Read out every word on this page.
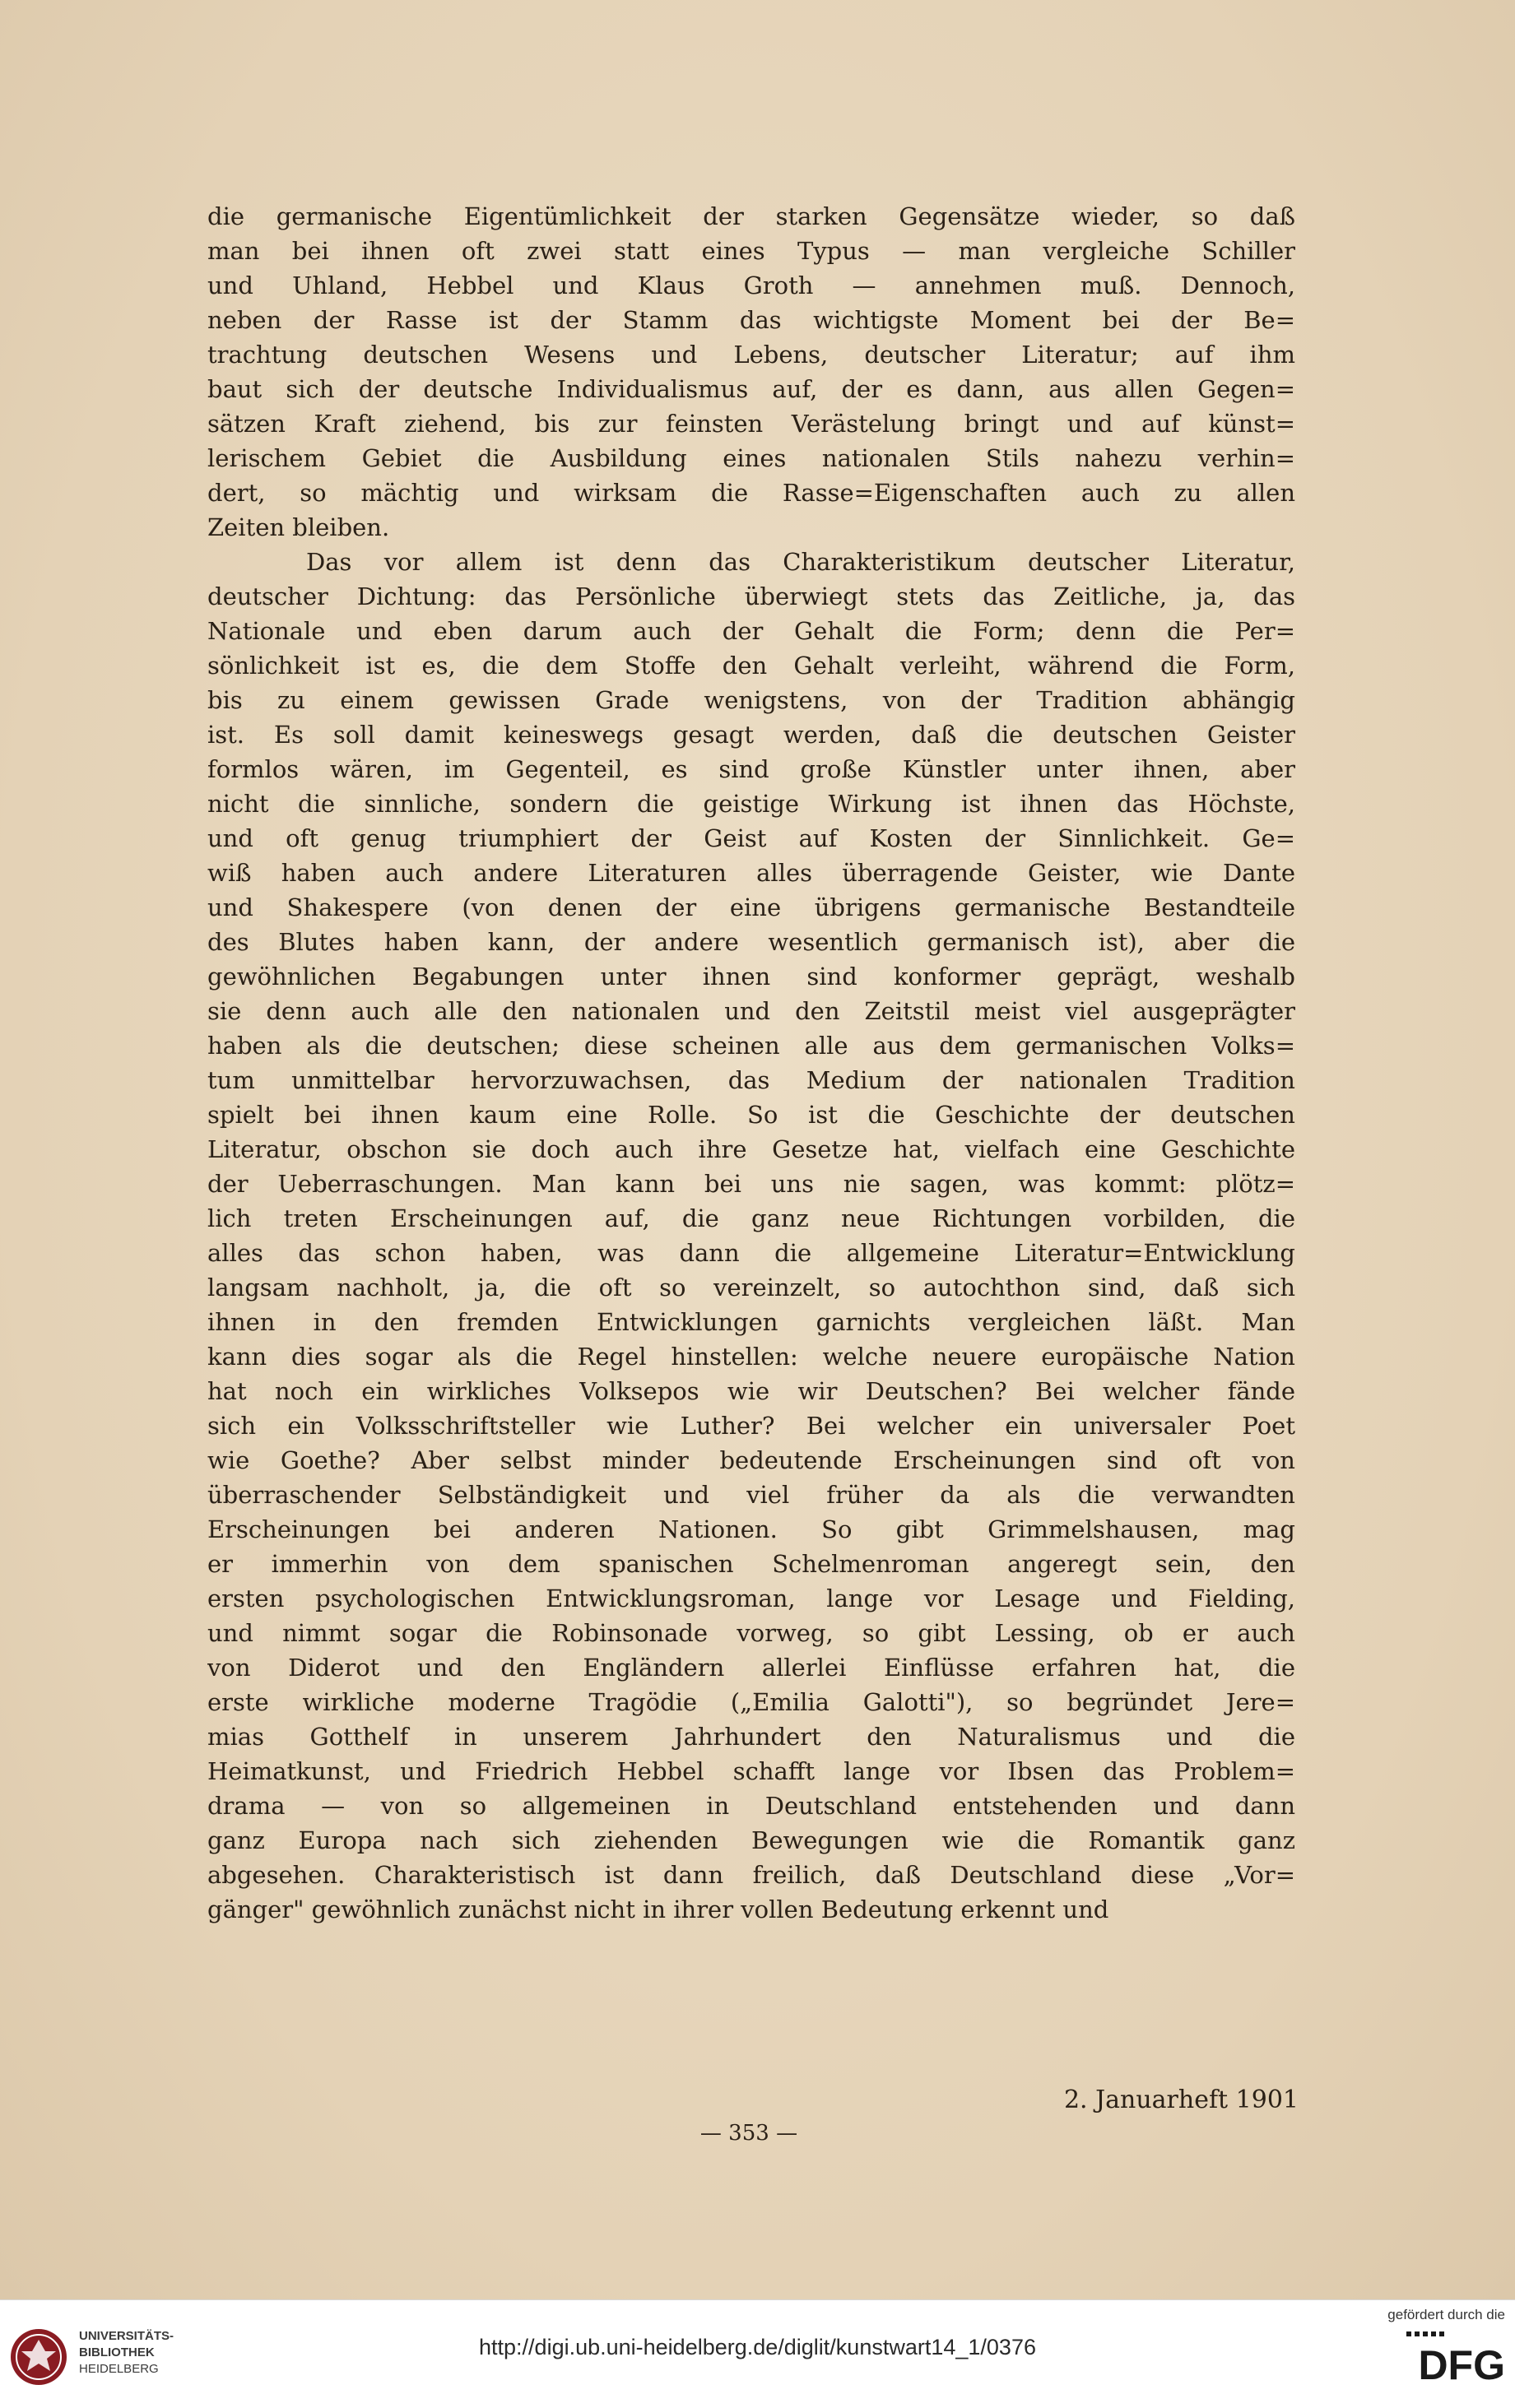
die germanische Eigentümlichkeit der starken Gegensätze wieder, so daß
man bei ihnen oft zwei statt eines Typus — man vergleiche Schiller
und Uhland, Hebbel und Klaus Groth — annehmen muß. Dennoch,
neben der Rasse ist der Stamm das wichtigste Moment bei der Be=
trachtung deutschen Wesens und Lebens, deutscher Literatur; auf ihm
baut sich der deutsche Individualismus auf, der es dann, aus allen Gegen=
sätzen Kraft ziehend, bis zur feinsten Verästelung bringt und auf künst=
lerischem Gebiet die Ausbildung eines nationalen Stils nahezu verhin=
dert, so mächtig und wirksam die Rasse=Eigenschaften auch zu allen
Zeiten bleiben.
Das vor allem ist denn das Charakteristikum deutscher Literatur,
deutscher Dichtung: das Persönliche überwiegt stets das Zeitliche, ja, das
Nationale und eben darum auch der Gehalt die Form; denn die Per=
sönlichkeit ist es, die dem Stoffe den Gehalt verleiht, während die Form,
bis zu einem gewissen Grade wenigstens, von der Tradition abhängig
ist. Es soll damit keineswegs gesagt werden, daß die deutschen Geister
formlos wären, im Gegenteil, es sind große Künstler unter ihnen, aber
nicht die sinnliche, sondern die geistige Wirkung ist ihnen das Höchste,
und oft genug triumphiert der Geist auf Kosten der Sinnlichkeit. Ge=
wiß haben auch andere Literaturen alles überragende Geister, wie Dante
und Shakespere (von denen der eine übrigens germanische Bestandteile
des Blutes haben kann, der andere wesentlich germanisch ist), aber die
gewöhnlichen Begabungen unter ihnen sind konformer geprägt, weshalb
sie denn auch alle den nationalen und den Zeitstil meist viel ausgeprägter
haben als die deutschen; diese scheinen alle aus dem germanischen Volks=
tum unmittelbar hervorzuwachsen, das Medium der nationalen Tradition
spielt bei ihnen kaum eine Rolle. So ist die Geschichte der deutschen
Literatur, obschon sie doch auch ihre Gesetze hat, vielfach eine Geschichte
der Ueberraschungen. Man kann bei uns nie sagen, was kommt: plötz=
lich treten Erscheinungen auf, die ganz neue Richtungen vorbilden, die
alles das schon haben, was dann die allgemeine Literatur=Entwicklung
langsam nachholt, ja, die oft so vereinzelt, so autochthon sind, daß sich
ihnen in den fremden Entwicklungen garnichts vergleichen läßt. Man
kann dies sogar als die Regel hinstellen: welche neuere europäische Nation
hat noch ein wirkliches Volksepos wie wir Deutschen? Bei welcher fände
sich ein Volksschriftsteller wie Luther? Bei welcher ein universaler Poet
wie Goethe? Aber selbst minder bedeutende Erscheinungen sind oft von
überraschender Selbständigkeit und viel früher da als die verwandten
Erscheinungen bei anderen Nationen. So gibt Grimmelshausen, mag
er immerhin von dem spanischen Schelmenroman angeregt sein, den
ersten psychologischen Entwicklungsroman, lange vor Lesage und Fielding,
und nimmt sogar die Robinsonade vorweg, so gibt Lessing, ob er auch
von Diderot und den Engländern allerlei Einflüsse erfahren hat, die
erste wirkliche moderne Tragödie („Emilia Galotti"), so begründet Jere=
mias Gotthelf in unserem Jahrhundert den Naturalismus und die
Heimatkunst, und Friedrich Hebbel schafft lange vor Ibsen das Problem=
drama — von so allgemeinen in Deutschland entstehenden und dann
ganz Europa nach sich ziehenden Bewegungen wie die Romantik ganz
abgesehen. Charakteristisch ist dann freilich, daß Deutschland diese „Vor=
gänger" gewöhnlich zunächst nicht in ihrer vollen Bedeutung erkennt und
2. Januarheft 1901
— 353 —
UNIVERSITÄTS-
BIBLIOTHEK
HEIDELBERG
http://digi.ub.uni-heidelberg.de/diglit/kunstwart14_1/0376
gefördert durch die
DFG
